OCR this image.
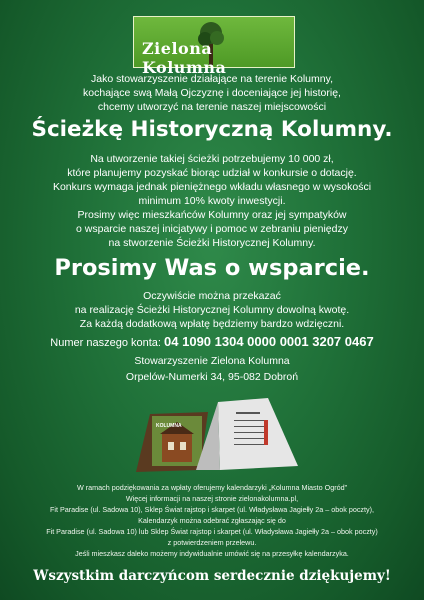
Zielona Kolumna
Jako stowarzyszenie działające na terenie Kolumny,
kochające swą Małą Ojczyznę i doceniające jej historię,
chcemy utworzyć na terenie naszej miejscowości
Ścieżkę Historyczną Kolumny.
Na utworzenie takiej ścieżki potrzebujemy 10 000 zł,
które planujemy pozyskać biorąc udział w konkursie o dotację.
Konkurs wymaga jednak pieniężnego wkładu własnego w wysokości
minimum 10% kwoty inwestycji.
Prosimy więc mieszkańców Kolumny oraz jej sympatyków
o wsparcie naszej inicjatywy i pomoc w zebraniu pieniędzy
na stworzenie Ścieżki Historycznej Kolumny.
Prosimy Was o wsparcie.
Oczywiście można przekazać
na realizację Ścieżki Historycznej Kolumny dowolną kwotę.
Za każdą dodatkową wpłatę będziemy bardzo wdzięczni.
Numer naszego konta: 04 1090 1304 0000 0001 3207 0467
Stowarzyszenie Zielona Kolumna
Orpelów-Numerki 34, 95-082 Dobroń
KOLUMNA
W ramach podziękowania za wpłaty oferujemy kalendarzyki „Kolumna Miasto Ogród”
Więcej informacji na naszej stronie zielonakolumna.pl,
Fit Paradise (ul. Sadowa 10), Sklep Świat rajstop i skarpet (ul. Władysława Jagiełły 2a – obok poczty),
Kalendarzyk można odebrać zgłaszając się do
Fit Paradise (ul. Sadowa 10) lub Sklep Świat rajstop i skarpet (ul. Władysława Jagiełły 2a – obok poczty)
z potwierdzeniem przelewu.
Jeśli mieszkasz daleko możemy indywidualnie umówić się na przesyłkę kalendarzyka.
Wszystkim darczyńcom serdecznie dziękujemy!
